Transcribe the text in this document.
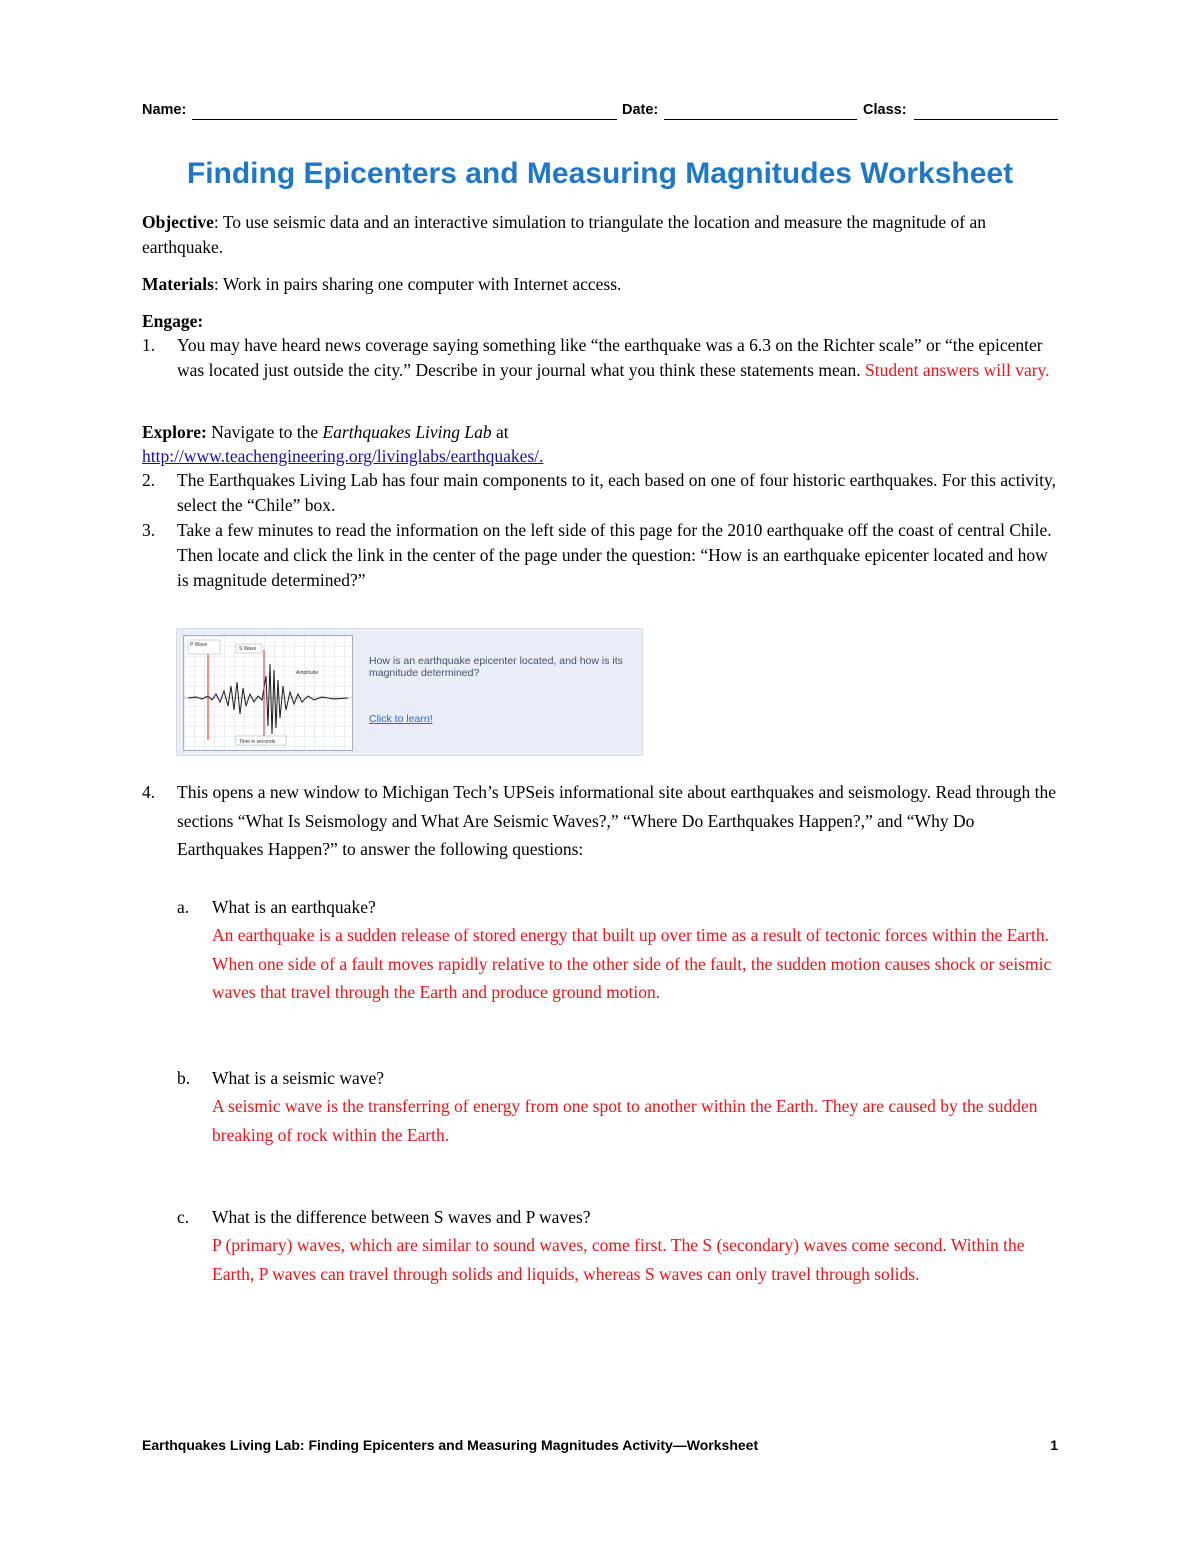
Name:	Date:	Class:
Finding Epicenters and Measuring Magnitudes Worksheet
Objective: To use seismic data and an interactive simulation to triangulate the location and measure the magnitude of an earthquake.
Materials: Work in pairs sharing one computer with Internet access.
Engage:
1.	You may have heard news coverage saying something like “the earthquake was a 6.3 on the Richter scale” or “the epicenter was located just outside the city.” Describe in your journal what you think these statements mean. Student answers will vary.
Explore: Navigate to the Earthquakes Living Lab at
http://www.teachengineering.org/livinglabs/earthquakes/.
2.	The Earthquakes Living Lab has four main components to it, each based on one of four historic earthquakes. For this activity, select the “Chile” box.
3.	Take a few minutes to read the information on the left side of this page for the 2010 earthquake off the coast of central Chile. Then locate and click the link in the center of the page under the question: “How is an earthquake epicenter located and how is magnitude determined?”
P Wave
S Wave
Amplitude
Time in seconds
How is an earthquake epicenter located, and how is its magnitude determined?
Click to learn!
4.	This opens a new window to Michigan Tech’s UPSeis informational site about earthquakes and seismology. Read through the sections “What Is Seismology and What Are Seismic Waves?,” “Where Do Earthquakes Happen?,” and “Why Do Earthquakes Happen?” to answer the following questions:
a. What is an earthquake?
An earthquake is a sudden release of stored energy that built up over time as a result of tectonic forces within the Earth. When one side of a fault moves rapidly relative to the other side of the fault, the sudden motion causes shock or seismic waves that travel through the Earth and produce ground motion.
b. What is a seismic wave?
A seismic wave is the transferring of energy from one spot to another within the Earth. They are caused by the sudden breaking of rock within the Earth.
c. What is the difference between S waves and P waves?
P (primary) waves, which are similar to sound waves, come first. The S (secondary) waves come second. Within the Earth, P waves can travel through solids and liquids, whereas S waves can only travel through solids.
Earthquakes Living Lab: Finding Epicenters and Measuring Magnitudes Activity—Worksheet	1
